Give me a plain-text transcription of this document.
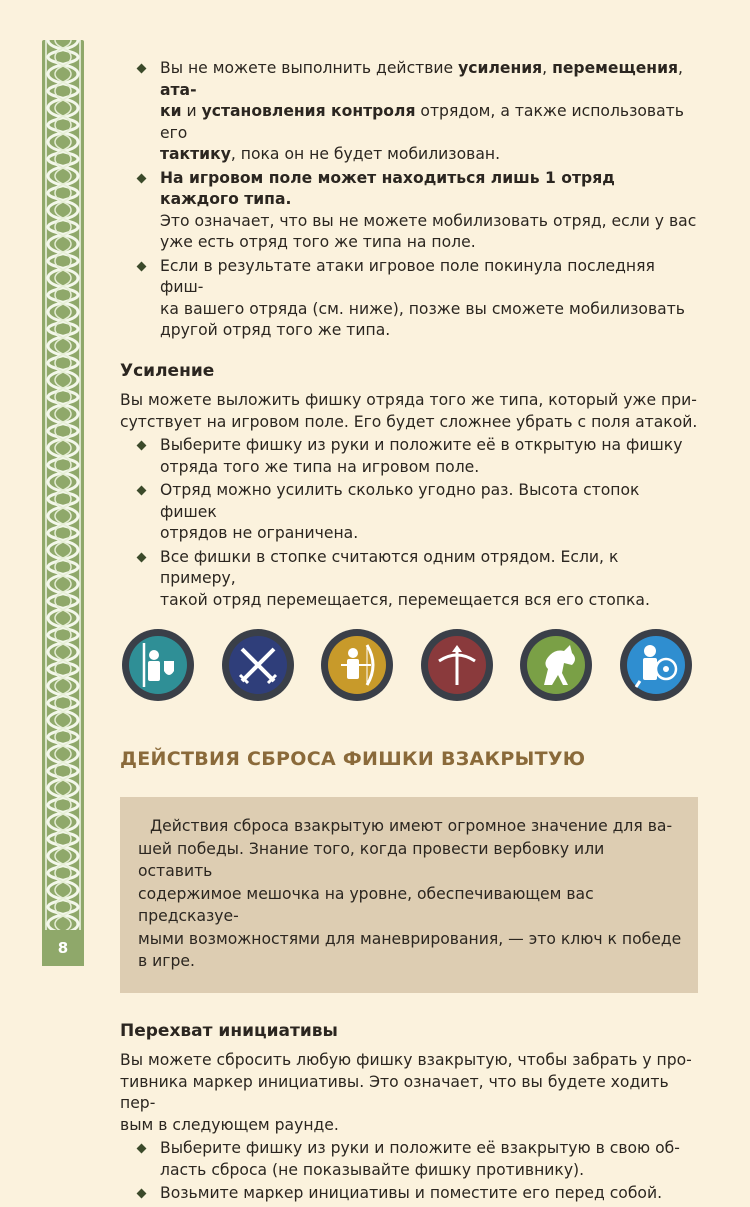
8
Вы не можете выполнить действие усиления, перемещения, ата-
ки и установления контроля отрядом, а также использовать его
тактику, пока он не будет мобилизован.
На игровом поле может находиться лишь 1 отряд каждого типа.
Это означает, что вы не можете мобилизовать отряд, если у вас
уже есть отряд того же типа на поле.
Если в результате атаки игровое поле покинула последняя фиш-
ка вашего отряда (см. ниже), позже вы сможете мобилизовать
другой отряд того же типа.
Усиление

Вы можете выложить фишку отряда того же типа, который уже при-
сутствует на игровом поле. Его будет сложнее убрать с поля атакой.

Выберите фишку из руки и положите её в открытую на фишку
отряда того же типа на игровом поле.
Отряд можно усилить сколько угодно раз. Высота стопок фишек
отрядов не ограничена.
Все фишки в стопке считаются одним отрядом. Если, к примеру,
такой отряд перемещается, перемещается вся его стопка.
ДЕЙСТВИЯ СБРОСА ФИШКИ ВЗАКРЫТУЮ
Действия сброса взакрытую имеют огромное значение для ва-
шей победы. Знание того, когда провести вербовку или оставить
содержимое мешочка на уровне, обеспечивающем вас предсказуе-
мыми возможностями для маневрирования, — это ключ к победе
в игре.
Перехват инициативы

Вы можете сбросить любую фишку взакрытую, чтобы забрать у про-
тивника маркер инициативы. Это означает, что вы будете ходить пер-
вым в следующем раунде.

Выберите фишку из руки и положите её взакрытую в свою об-
ласть сброса (не показывайте фишку противнику).
Возьмите маркер инициативы и поместите его перед собой.
